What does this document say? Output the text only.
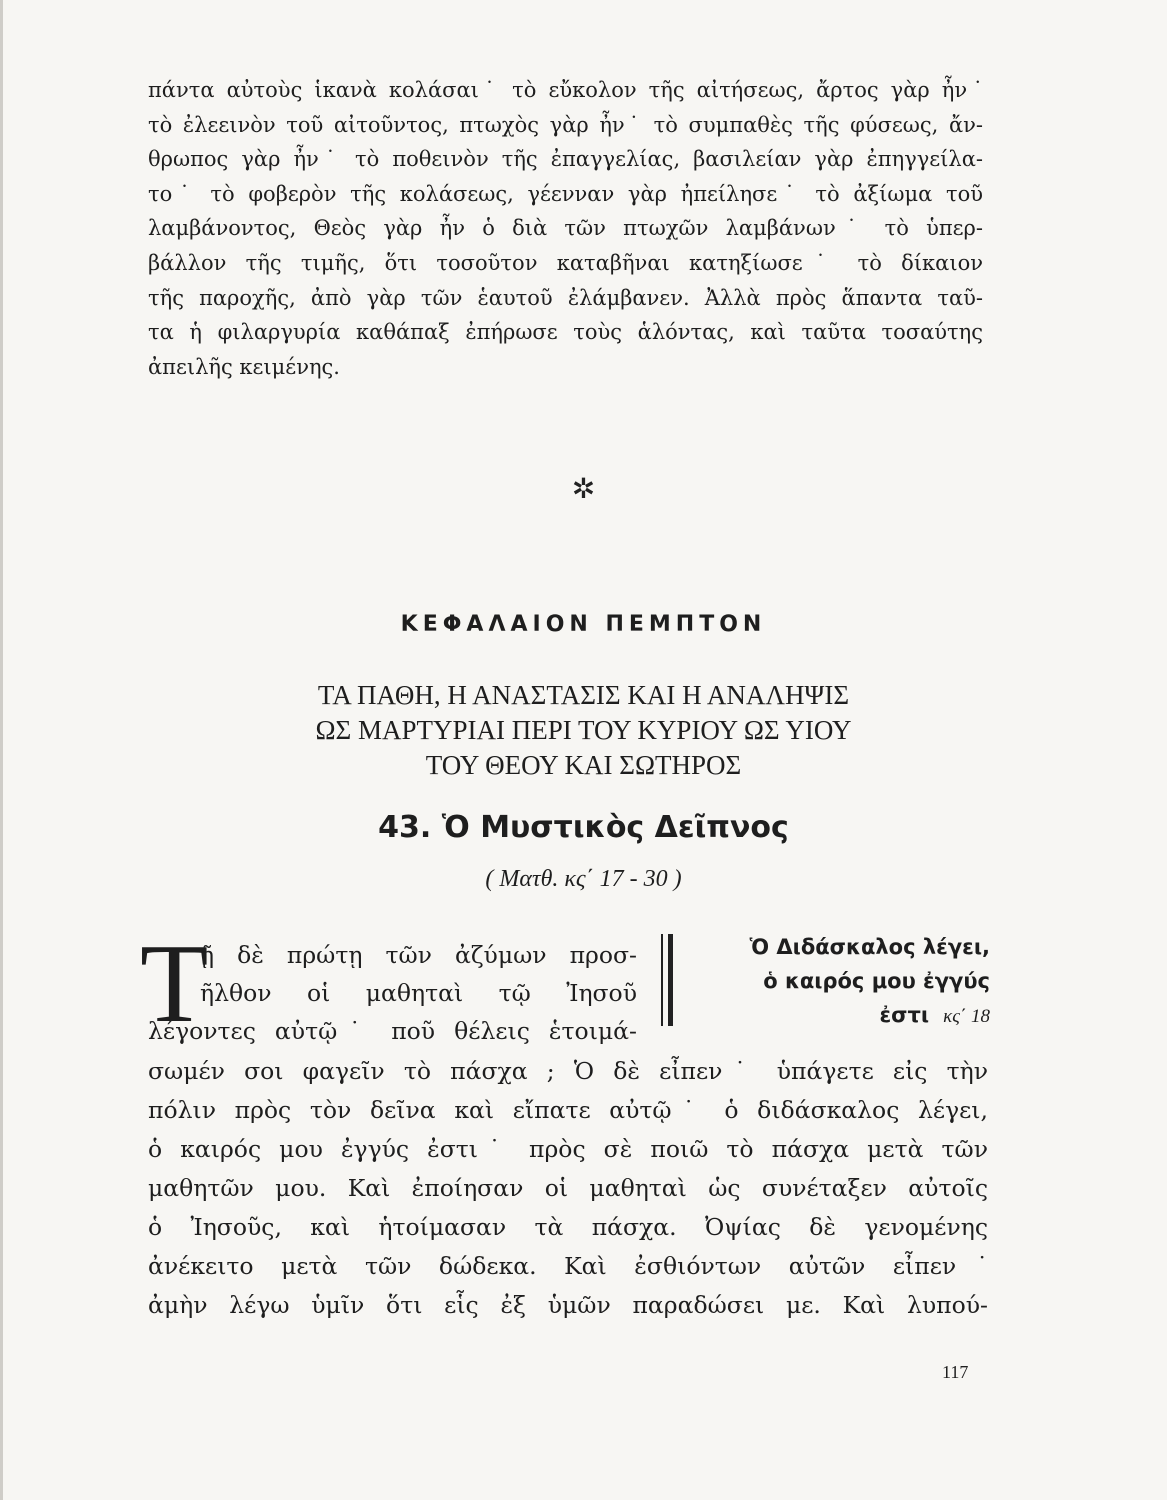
πάντα αὐτοὺς ἱκανὰ κολάσαι˙ τὸ εὔκολον τῆς αἰτήσεως, ἄρτος γὰρ ἦν˙
τὸ ἐλεεινὸν τοῦ αἰτοῦντος, πτωχὸς γὰρ ἦν˙ τὸ συμπαθὲς τῆς φύσεως, ἄν-
θρωπος γὰρ ἦν˙ τὸ ποθεινὸν τῆς ἐπαγγελίας, βασιλείαν γὰρ ἐπηγγείλα-
το˙ τὸ φοβερὸν τῆς κολάσεως, γέενναν γὰρ ἠπείλησε˙ τὸ ἀξίωμα τοῦ
λαμβάνοντος, Θεὸς γὰρ ἦν ὁ διὰ τῶν πτωχῶν λαμβάνων˙ τὸ ὑπερ-
βάλλον τῆς τιμῆς, ὅτι τοσοῦτον καταβῆναι κατηξίωσε˙ τὸ δίκαιον
τῆς παροχῆς, ἀπὸ γὰρ τῶν ἑαυτοῦ ἐλάμβανεν. Ἀλλὰ πρὸς ἅπαντα ταῦ-
τα ἡ φιλαργυρία καθάπαξ ἐπήρωσε τοὺς ἁλόντας, καὶ ταῦτα τοσαύτης
ἀπειλῆς κειμένης.
✲
ΚΕΦΑΛΑΙΟΝ ΠΕΜΠΤΟΝ
ΤΑ ΠΑΘΗ, Η ΑΝΑΣΤΑΣΙΣ ΚΑΙ Η ΑΝΑΛΗΨΙΣ
ΩΣ ΜΑΡΤΥΡΙΑΙ ΠΕΡΙ ΤΟΥ ΚΥΡΙΟΥ ΩΣ ΥΙΟΥ
ΤΟΥ ΘΕΟΥ ΚΑΙ ΣΩΤΗΡΟΣ
43. Ὁ Μυστικὸς Δεῖπνος
( Ματθ. κς΄ 17 - 30 )
Τ
ῇ δὲ πρώτῃ τῶν ἀζύμων προσ-
ῆλθον οἱ μαθηταὶ τῷ Ἰησοῦ
λέγοντες αὐτῷ˙ ποῦ θέλεις ἑτοιμά-
Ὁ Διδάσκαλος λέγει,
ὁ καιρός μου ἐγγύς
ἐστι κς΄ 18
σωμέν σοι φαγεῖν τὸ πάσχα ; Ὁ δὲ εἶπεν˙ ὑπάγετε εἰς τὴν
πόλιν πρὸς τὸν δεῖνα καὶ εἴπατε αὐτῷ˙ ὁ διδάσκαλος λέγει,
ὁ καιρός μου ἐγγύς ἐστι˙ πρὸς σὲ ποιῶ τὸ πάσχα μετὰ τῶν
μαθητῶν μου. Καὶ ἐποίησαν οἱ μαθηταὶ ὡς συνέταξεν αὐτοῖς
ὁ Ἰησοῦς, καὶ ἡτοίμασαν τὰ πάσχα. Ὀψίας δὲ γενομένης
ἀνέκειτο μετὰ τῶν δώδεκα. Καὶ ἐσθιόντων αὐτῶν εἶπεν˙
ἀμὴν λέγω ὑμῖν ὅτι εἷς ἐξ ὑμῶν παραδώσει με. Καὶ λυπού-
117
